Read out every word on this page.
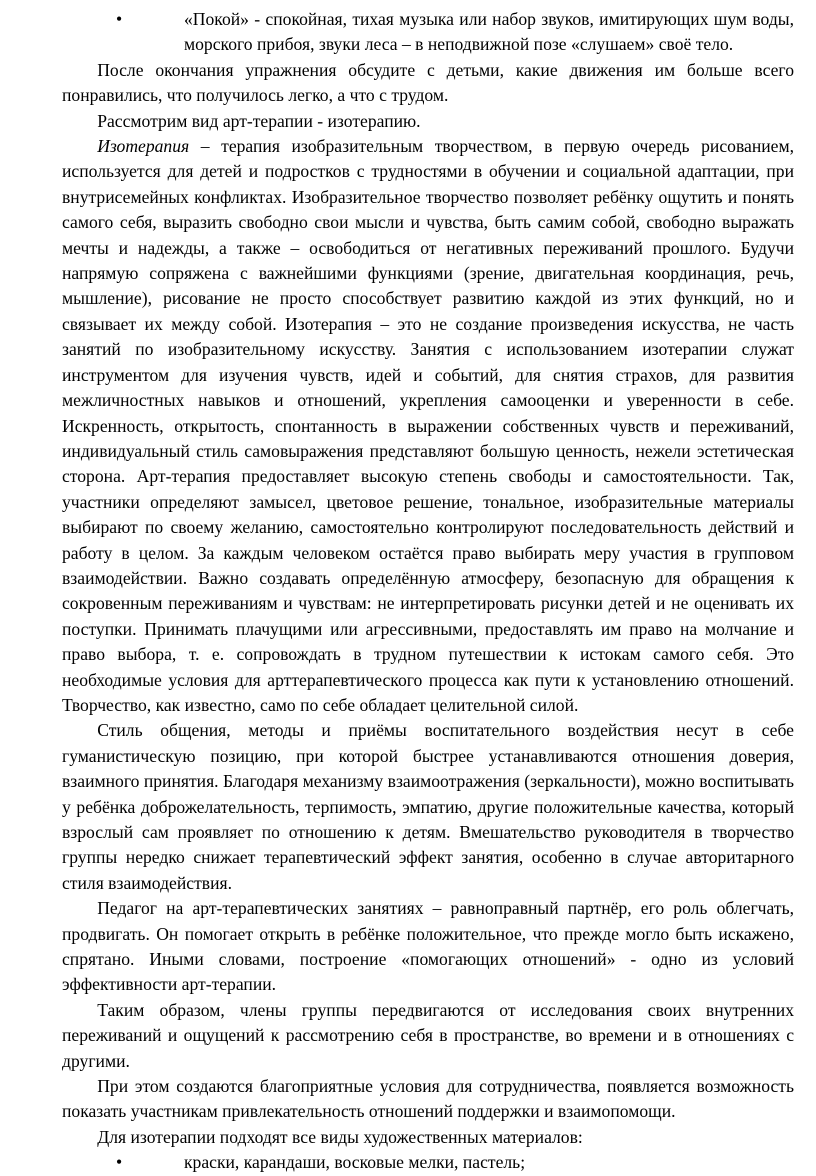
•	«Покой» - спокойная, тихая музыка или набор звуков, имитирующих шум воды, морского прибоя, звуки леса – в неподвижной позе «слушаем» своё тело.

После окончания упражнения обсудите с детьми, какие движения им больше всего понравились, что получилось легко, а что с трудом.

Рассмотрим вид арт-терапии - изотерапию.

Изотерапия – терапия изобразительным творчеством, в первую очередь рисованием, используется для детей и подростков с трудностями в обучении и социальной адаптации, при внутрисемейных конфликтах. Изобразительное творчество позволяет ребёнку ощутить и понять самого себя, выразить свободно свои мысли и чувства, быть самим собой, свободно выражать мечты и надежды, а также – освободиться от негативных переживаний прошлого. Будучи напрямую сопряжена с важнейшими функциями (зрение, двигательная координация, речь, мышление), рисование не просто способствует развитию каждой из этих функций, но и связывает их между собой. Изотерапия – это не создание произведения искусства, не часть занятий по изобразительному искусству. Занятия с использованием изотерапии служат инструментом для изучения чувств, идей и событий, для снятия страхов, для развития межличностных навыков и отношений, укрепления самооценки и уверенности в себе. Искренность, открытость, спонтанность в выражении собственных чувств и переживаний, индивидуальный стиль самовыражения представляют большую ценность, нежели эстетическая сторона. Арт-терапия предоставляет высокую степень свободы и самостоятельности. Так, участники определяют замысел, цветовое решение, тональное, изобразительные материалы выбирают по своему желанию, самостоятельно контролируют последовательность действий и работу в целом. За каждым человеком остаётся право выбирать меру участия в групповом взаимодействии. Важно создавать определённую атмосферу, безопасную для обращения к сокровенным переживаниям и чувствам: не интерпретировать рисунки детей и не оценивать их поступки. Принимать плачущими или агрессивными, предоставлять им право на молчание и право выбора, т. е. сопровождать в трудном путешествии к истокам самого себя. Это необходимые условия для арттерапевтического процесса как пути к установлению отношений. Творчество, как известно, само по себе обладает целительной силой.

Стиль общения, методы и приёмы воспитательного воздействия несут в себе гуманистическую позицию, при которой быстрее устанавливаются отношения доверия, взаимного принятия. Благодаря механизму взаимоотражения (зеркальности), можно воспитывать у ребёнка доброжелательность, терпимость, эмпатию, другие положительные качества, который взрослый сам проявляет по отношению к детям. Вмешательство руководителя в творчество группы нередко снижает терапевтический эффект занятия, особенно в случае авторитарного стиля взаимодействия.

Педагог на арт-терапевтических занятиях – равноправный партнёр, его роль облегчать, продвигать. Он помогает открыть в ребёнке положительное, что прежде могло быть искажено, спрятано. Иными словами, построение «помогающих отношений» - одно из условий эффективности арт-терапии.

Таким образом, члены группы передвигаются от исследования своих внутренних переживаний и ощущений к рассмотрению себя в пространстве, во времени и в отношениях с другими.

При этом создаются благоприятные условия для сотрудничества, появляется возможность показать участникам привлекательность отношений поддержки и взаимопомощи.

Для изотерапии подходят все виды художественных материалов:

•	краски, карандаши, восковые мелки, пастель;
